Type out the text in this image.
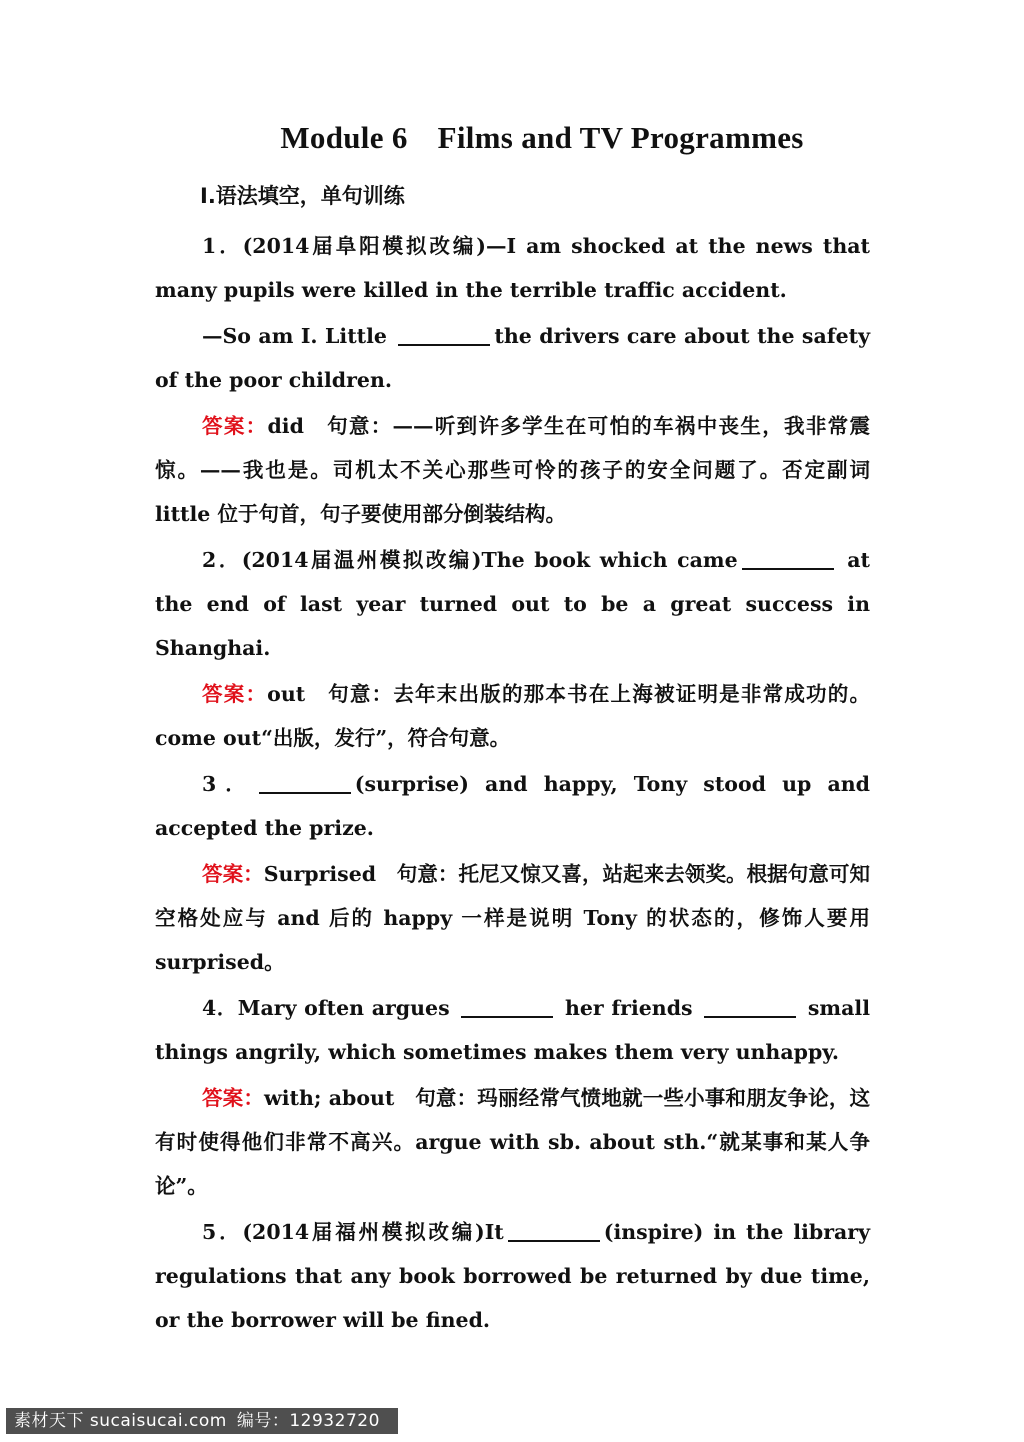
Module 6 Films and TV Programmes
Ⅰ.语法填空，单句训练

1．(2014届阜阳模拟改编)—I am shocked at the news that many pupils were killed in the terrible traffic accident.

—So am I. Little	the drivers care about the safety of the poor children.

答案：did　句意：——听到许多学生在可怕的车祸中丧生，我非常震惊。——我也是。司机太不关心那些可怜的孩子的安全问题了。否定副词 little 位于句首，句子要使用部分倒装结构。

2．(2014届温州模拟改编)The book which came	at the end of last year turned out to be a great success in Shanghai.

答案：out　句意：去年末出版的那本书在上海被证明是非常成功的。come out“出版，发行”，符合句意。

3．	(surprise) and happy, Tony stood up and accepted the prize.

答案：Surprised　句意：托尼又惊又喜，站起来去领奖。根据句意可知空格处应与 and 后的 happy 一样是说明 Tony 的状态的，修饰人要用 surprised。

4．Mary often argues	her friends	small things angrily, which sometimes makes them very unhappy.

答案：with; about　句意：玛丽经常气愤地就一些小事和朋友争论，这有时使得他们非常不高兴。argue with sb. about sth.“就某事和某人争论”。

5．(2014届福州模拟改编)It	(inspire) in the library regulations that any book borrowed be returned by due time, or the borrower will be fined.

素材天下 sucaisucai.com 编号：12932720
